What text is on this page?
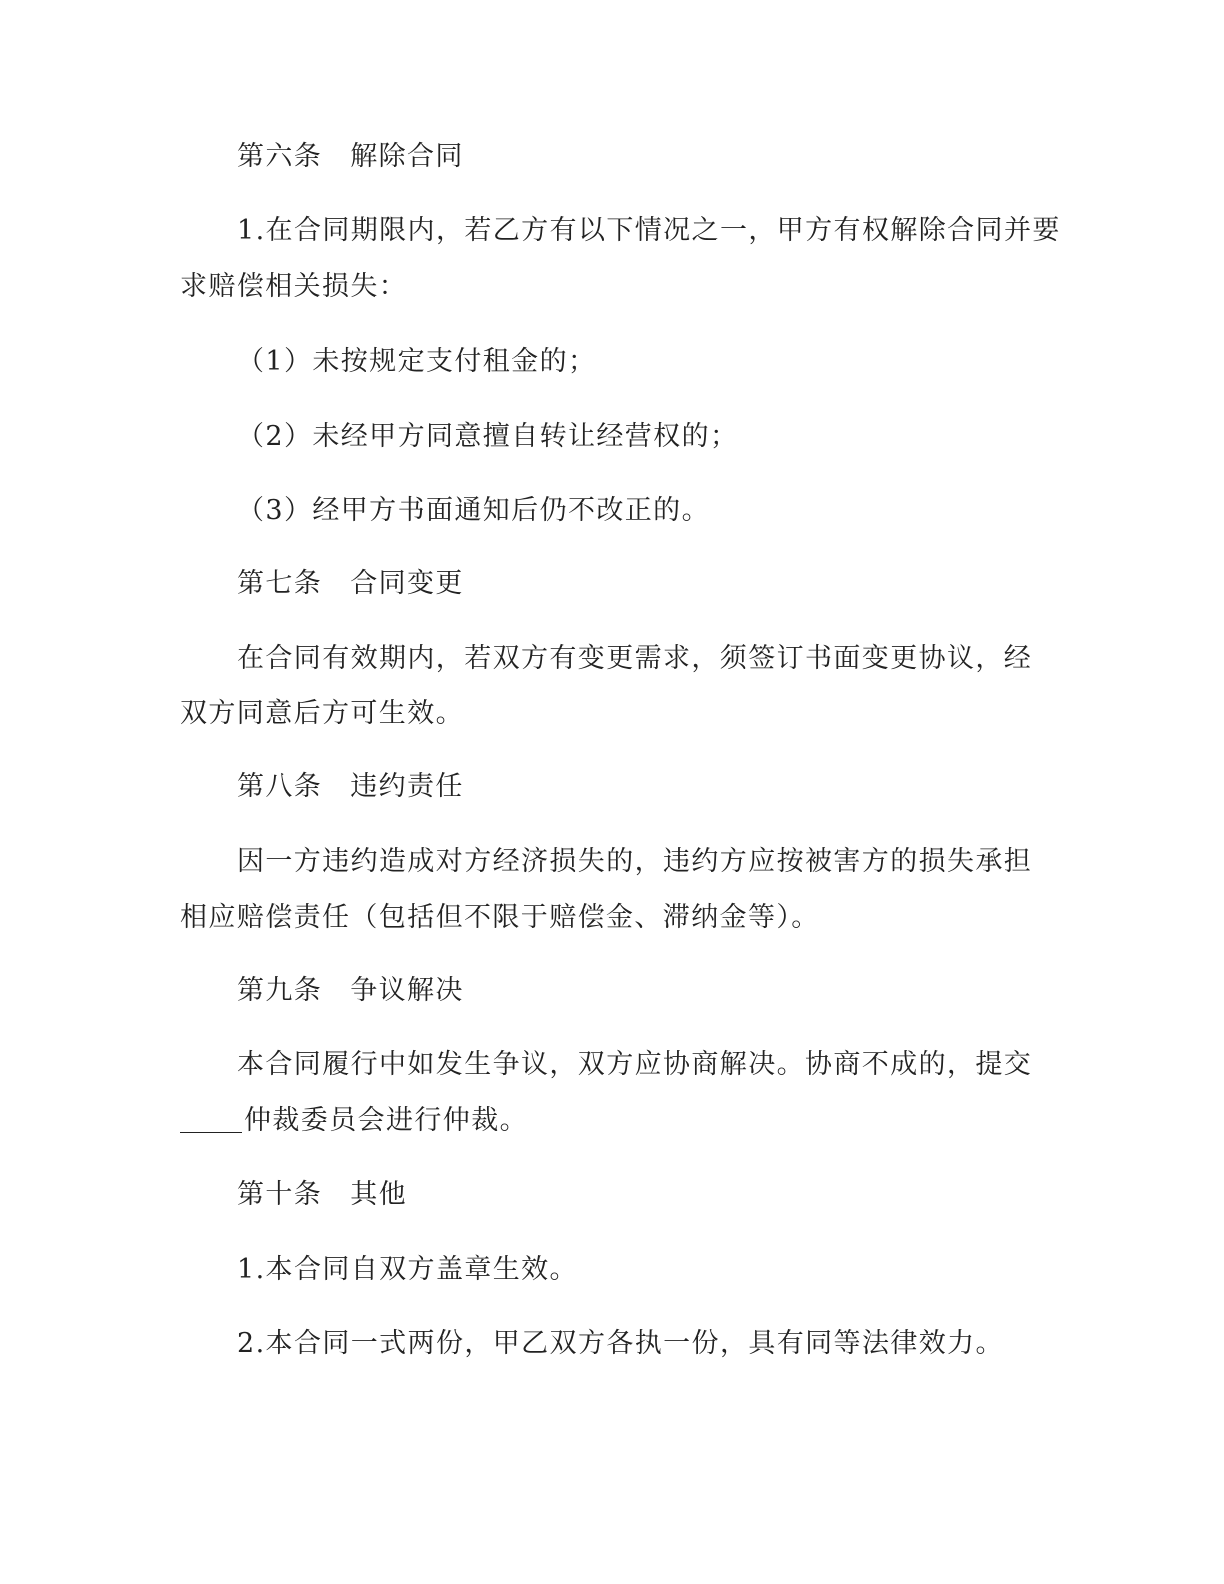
第六条 解除合同
1.在合同期限内，若乙方有以下情况之一，甲方有权解除合同并要
求赔偿相关损失：
（1）未按规定支付租金的；
（2）未经甲方同意擅自转让经营权的；
（3）经甲方书面通知后仍不改正的。
第七条 合同变更
在合同有效期内，若双方有变更需求，须签订书面变更协议，经
双方同意后方可生效。
第八条 违约责任
因一方违约造成对方经济损失的，违约方应按被害方的损失承担
相应赔偿责任（包括但不限于赔偿金、滞纳金等）。
第九条 争议解决
本合同履行中如发生争议，双方应协商解决。协商不成的，提交
仲裁委员会进行仲裁。
第十条 其他
1.本合同自双方盖章生效。
2.本合同一式两份，甲乙双方各执一份，具有同等法律效力。
